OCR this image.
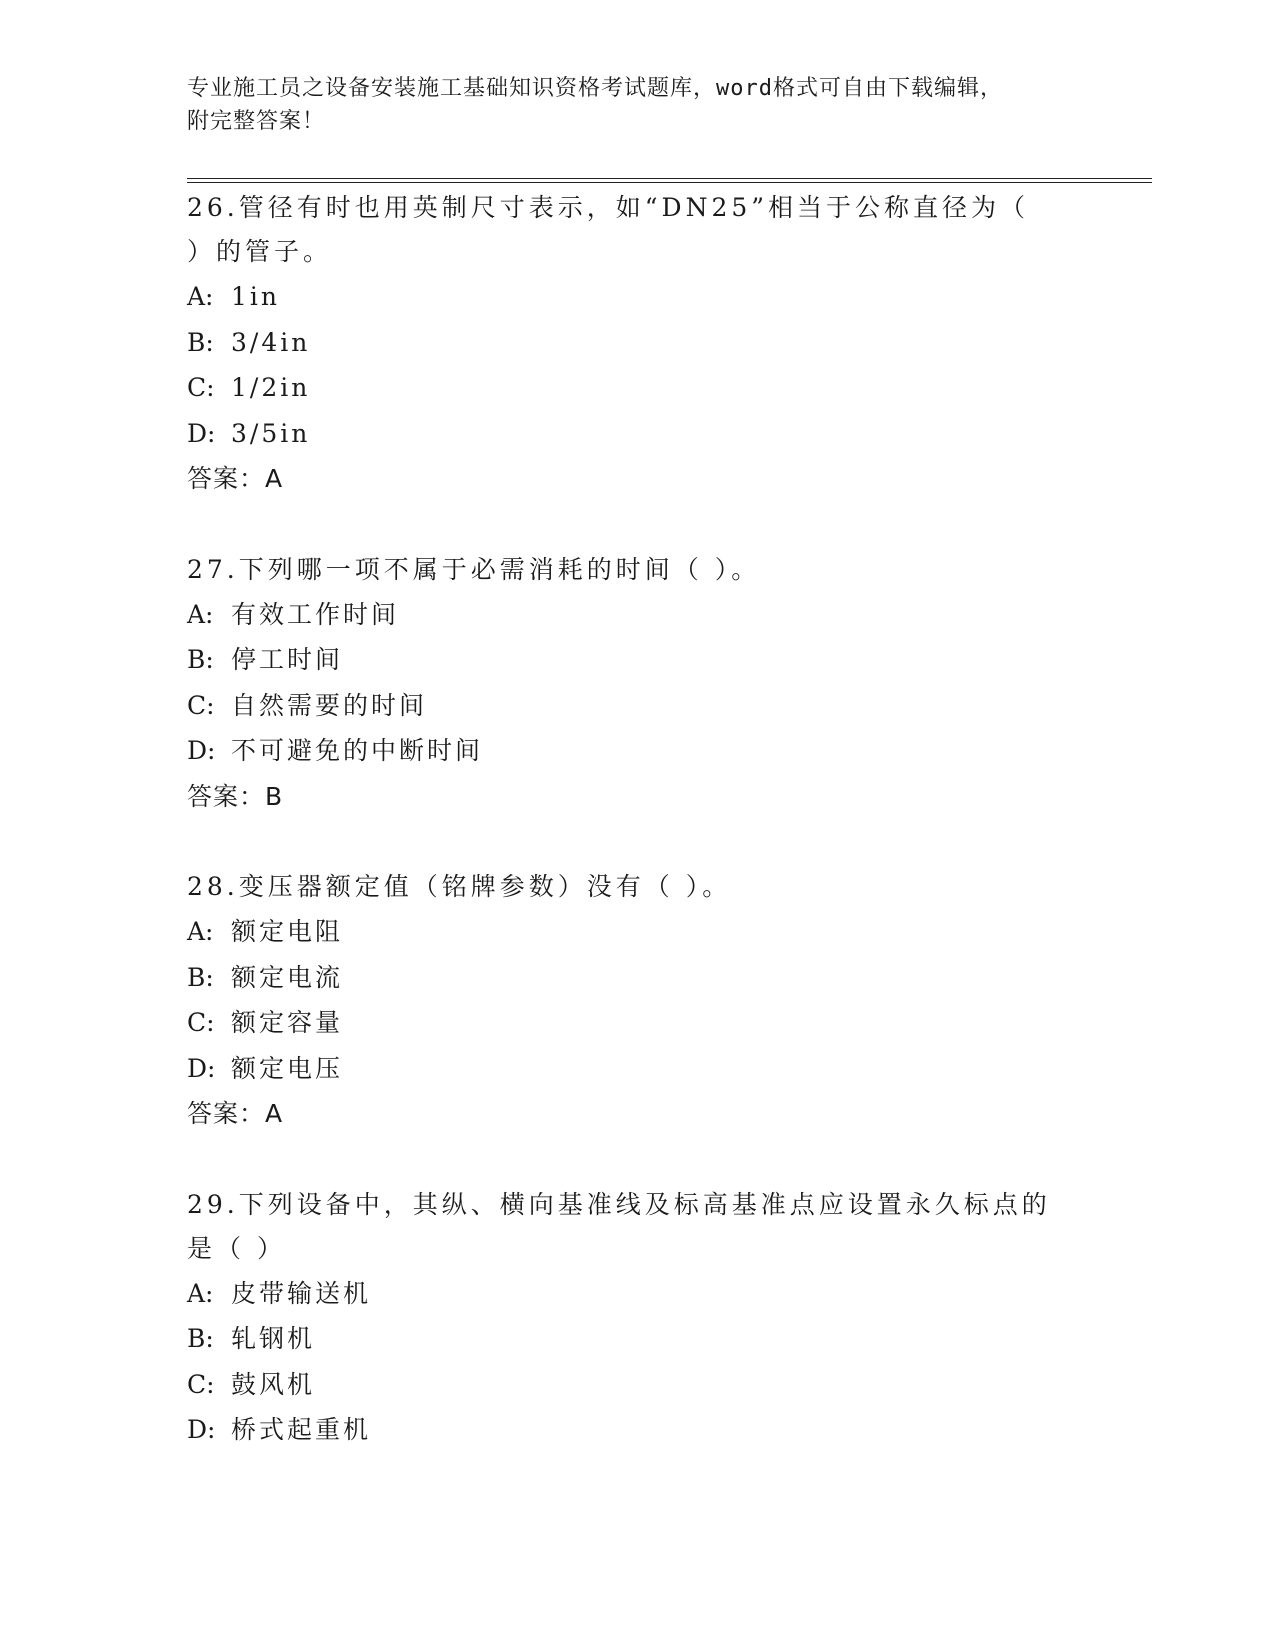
专业施工员之设备安装施工基础知识资格考试题库，word格式可自由下载编辑，
附完整答案！

26.管径有时也用英制尺寸表示，如“DN25”相当于公称直径为（ ）的管子。

A: 1in

B: 3/4in

C: 1/2in

D: 3/5in

答案：A

27.下列哪一项不属于必需消耗的时间（ ）。

A: 有效工作时间

B: 停工时间

C: 自然需要的时间

D: 不可避免的中断时间

答案：B

28.变压器额定值（铭牌参数）没有（ ）。

A: 额定电阻

B: 额定电流

C: 额定容量

D: 额定电压

答案：A

29.下列设备中，其纵、横向基准线及标高基准点应设置永久标点的是（ ）

A: 皮带输送机

B: 轧钢机

C: 鼓风机

D: 桥式起重机
